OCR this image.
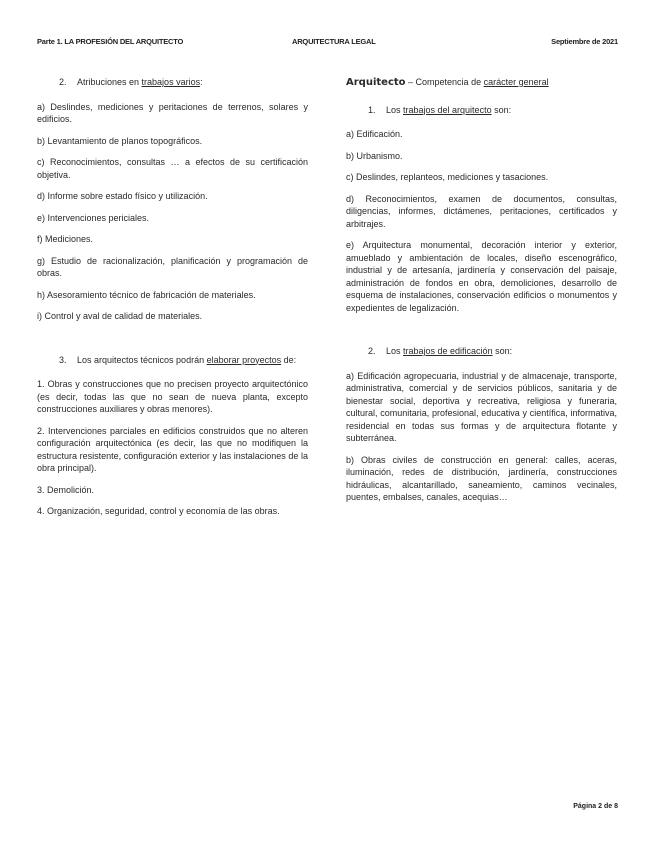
Parte 1. LA PROFESIÓN DEL ARQUITECTO	ARQUITECTURA LEGAL	Septiembre de 2021
2.	Atribuciones en trabajos varios:

a) Deslindes, mediciones y peritaciones de terrenos, solares y edificios.

b) Levantamiento de planos topográficos.

c) Reconocimientos, consultas … a efectos de su certificación objetiva.

d) Informe sobre estado físico y utilización.

e) Intervenciones periciales.

f) Mediciones.

g) Estudio de racionalización, planificación y programación de obras.

h) Asesoramiento técnico de fabricación de materiales.

i) Control y aval de calidad de materiales.

3.	Los arquitectos técnicos podrán elaborar proyectos de:

1. Obras y construcciones que no precisen proyecto arquitectónico (es decir, todas las que no sean de nueva planta, excepto construcciones auxiliares y obras menores).

2. Intervenciones parciales en edificios construidos que no alteren configuración arquitectónica (es decir, las que no modifiquen la estructura resistente, configuración exterior y las instalaciones de la obra principal).

3. Demolición.

4. Organización, seguridad, control y economía de las obras.

Arquitecto – Competencia de carácter general
1.	Los trabajos del arquitecto son:

a) Edificación.

b) Urbanismo.

c) Deslindes, replanteos, mediciones y tasaciones.

d) Reconocimientos, examen de documentos, consultas, diligencias, informes, dictámenes, peritaciones, certificados y arbitrajes.

e) Arquitectura monumental, decoración interior y exterior, amueblado y ambientación de locales, diseño escenográfico, industrial y de artesanía, jardinería y conservación del paisaje, administración de fondos en obra, demoliciones, desarrollo de esquema de instalaciones, conservación edificios o monumentos y expedientes de legalización.

2.	Los trabajos de edificación son:

a) Edificación agropecuaria, industrial y de almacenaje, transporte, administrativa, comercial y de servicios públicos, sanitaria y de bienestar social, deportiva y recreativa, religiosa y funeraria, cultural, comunitaria, profesional, educativa y científica, informativa, residencial en todas sus formas y de arquitectura flotante y subterránea.

b) Obras civiles de construcción en general: calles, aceras, iluminación, redes de distribución, jardinería, construcciones hidráulicas, alcantarillado, saneamiento, caminos vecinales, puentes, embalses, canales, acequias…

Página 2 de 8
